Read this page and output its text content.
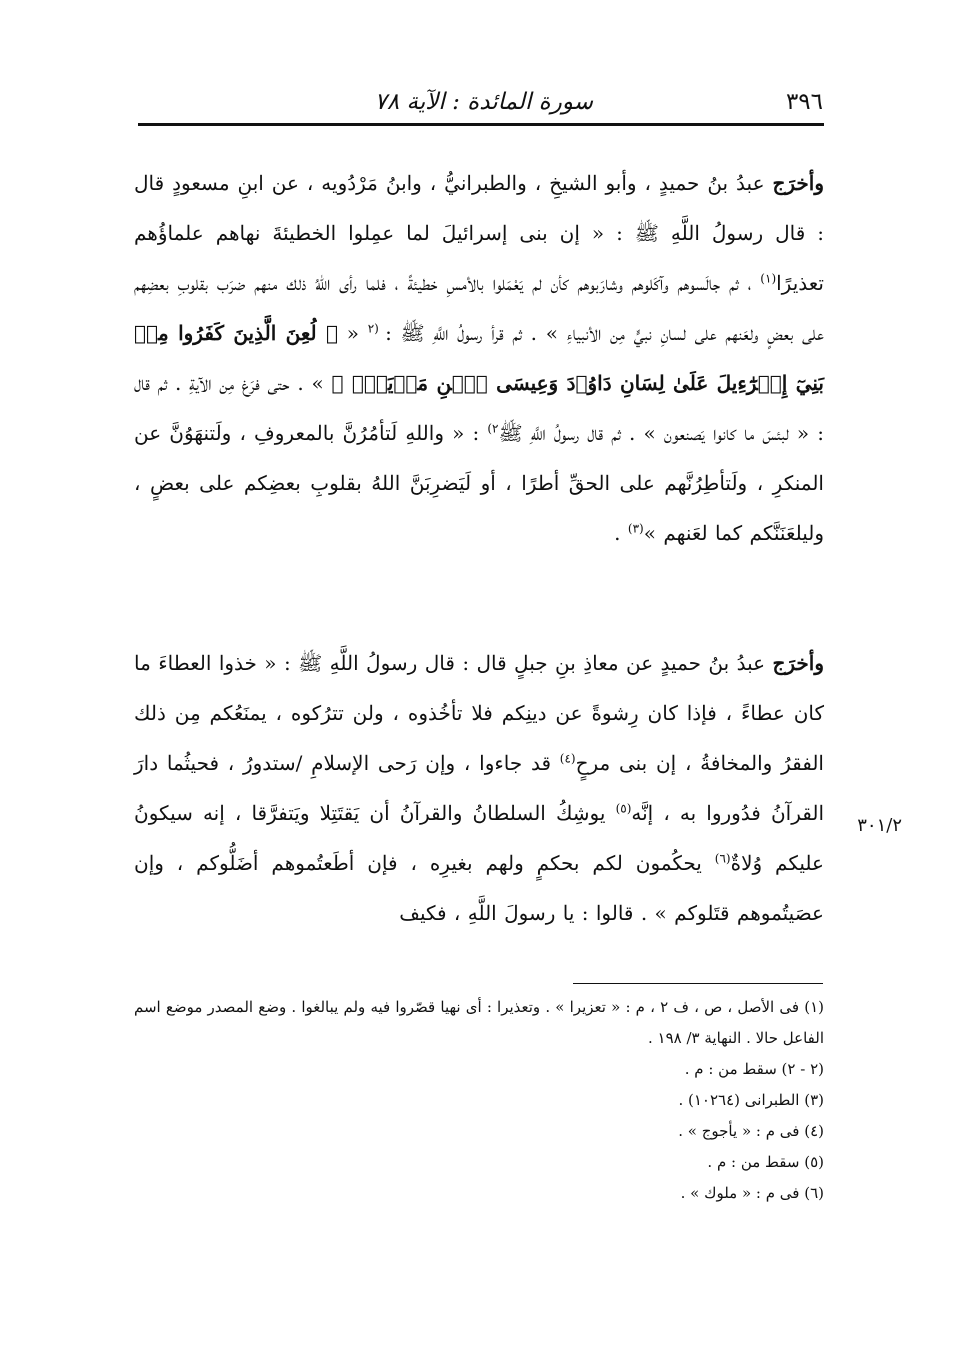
٣٩٦
سورة المائدة : الآية ٧٨

وأخرَج عبدُ بنُ حميدٍ ، وأبو الشيخِ ، والطبرانيُّ ، وابنُ مَرْدُويه ، عن ابنِ مسعودٍ قال : قال رسولُ اللَّهِ ﷺ : « إن بنى إسرائيلَ لما عمِلوا الخطيئةَ نهاهم علماؤُهم تعذيرًا$^{(١)}$ ، ثم جالَسوهم وآكَلوهم وشارَبوهم كأن لم يَعْمَلوا بالأمسِ خطيئةً ، فلما رأى اللهُ ذلك منهم ضرَب بقلوبِ بعضِهم على بعضٍ ولعَنهم على لسانِ نبيٍّ مِن الأنبياءِ » . ثم قرأ رسولُ اللَّهِ ﷺ : $^{(٢}$ « ﴿ لُعِنَ الَّذِينَ كَفَرُوا مِنۢ بَنِيٓ إِسۡرَٰٓءِيلَ عَلَىٰ لِسَانِ دَاوُۥدَ وَعِيسَى ٱبۡنِ مَرۡيَمَۚ ﴾ » . حتى فرَغ مِن الآيةِ . ثم قال : « لبئسَ ما كانوا يَصنعون » . ثم قال رسولُ اللَّهِ ﷺ$^{٢)}$ : « واللهِ لَتأمُرُنَّ بالمعروفِ ، ولَتنهَوُنَّ عن المنكرِ ، ولَتأطِرُنَّهم على الحقِّ أطرًا ، أو لَيَضرِبَنَّ اللهُ بقلوبِ بعضِكم على بعضٍ ، وليلعَنَنَّكم كما لعَنهم »$^{(٣)}$ .

وأخرَج عبدُ بنُ حميدٍ عن معاذِ بنِ جبلٍ قال : قال رسولُ اللَّهِ ﷺ : « خذوا العطاءَ ما كان عطاءً ، فإذا كان رِشوةً عن دينِكم فلا تأخُذوه ، ولن تترُكوه ، يمنَعُكم مِن ذلك الفقرُ والمخافةُ ، إن بنى مرحٍ$^{(٤)}$ قد جاءوا ، وإن رَحى الإسلامِ /ستدورُ ، فحيثُما دارَ القرآنُ فدُوروا به ، إنَّه$^{(٥)}$ يوشِكُ السلطانُ والقرآنُ أن يَقتَتِلا ويَتفرَّقا ، إنه سيكونُ عليكم وُلاةٌ$^{(٦)}$ يحكُمون لكم بحكمٍ ولهم بغيرِه ، فإن أطَعتُموهم أضَلُّوكم ، وإن عصَيتُموهم قتَلوكم » . قالوا : يا رسولَ اللَّهِ ، فكيف

٣٠١/٢

(١) فى الأصل ، ص ، ف ٢ ، م : « تعزيرا » . وتعذيرا : أى نهيا قصّروا فيه ولم يبالغوا . وضع المصدر موضع اسم الفاعل حالا . النهاية ٣/ ١٩٨ .

(٢ - ٢) سقط من : م .

(٣) الطبرانى (١٠٢٦٤) .

(٤) فى م : « يأجوج » .

(٥) سقط من : م .

(٦) فى م : « ملوك » .
